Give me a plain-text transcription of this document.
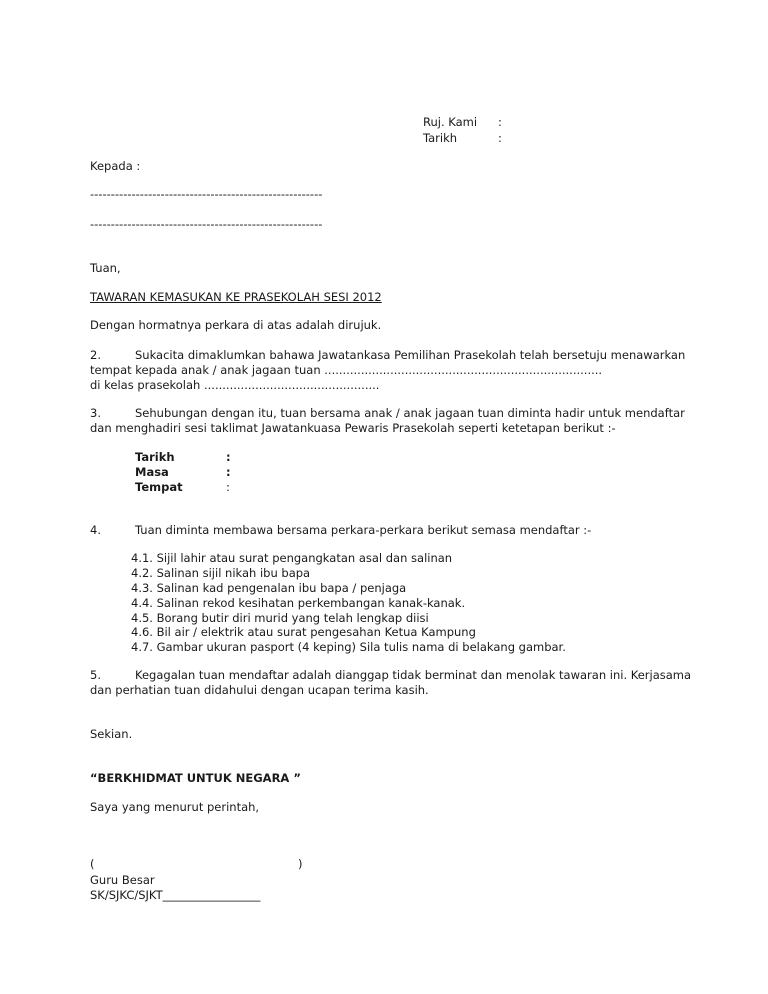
Ruj. Kami :
Tarikh	:
Kepada :
--------------------------------------------------------
--------------------------------------------------------
Tuan,
TAWARAN KEMASUKAN KE PRASEKOLAH SESI 2012
Dengan hormatnya perkara di atas adalah dirujuk.
2.	Sukacita dimaklumkan bahawa Jawatankasa Pemilihan Prasekolah telah bersetuju menawarkan
tempat kepada anak / anak jagaan tuan ............................................................................
di kelas prasekolah ................................................
3.	Sehubungan dengan itu, tuan bersama anak / anak jagaan tuan diminta hadir untuk mendaftar
dan menghadiri sesi taklimat Jawatankuasa Pewaris Prasekolah seperti ketetapan berikut :-
Tarikh	:
Masa	:
Tempat	:
4.	Tuan diminta membawa bersama perkara-perkara berikut semasa mendaftar :-
4.1. Sijil lahir atau surat pengangkatan asal dan salinan
4.2. Salinan sijil nikah ibu bapa
4.3. Salinan kad pengenalan ibu bapa / penjaga
4.4. Salinan rekod kesihatan perkembangan kanak-kanak.
4.5. Borang butir diri murid yang telah lengkap diisi
4.6. Bil air / elektrik atau surat pengesahan Ketua Kampung
4.7. Gambar ukuran pasport (4 keping) Sila tulis nama di belakang gambar.
5.	Kegagalan tuan mendaftar adalah dianggap tidak berminat dan menolak tawaran ini. Kerjasama
dan perhatian tuan didahului dengan ucapan terima kasih.
Sekian.
“BERKHIDMAT UNTUK NEGARA ”
Saya yang menurut perintah,
(	)
Guru Besar
SK/SJKC/SJKT_________________
